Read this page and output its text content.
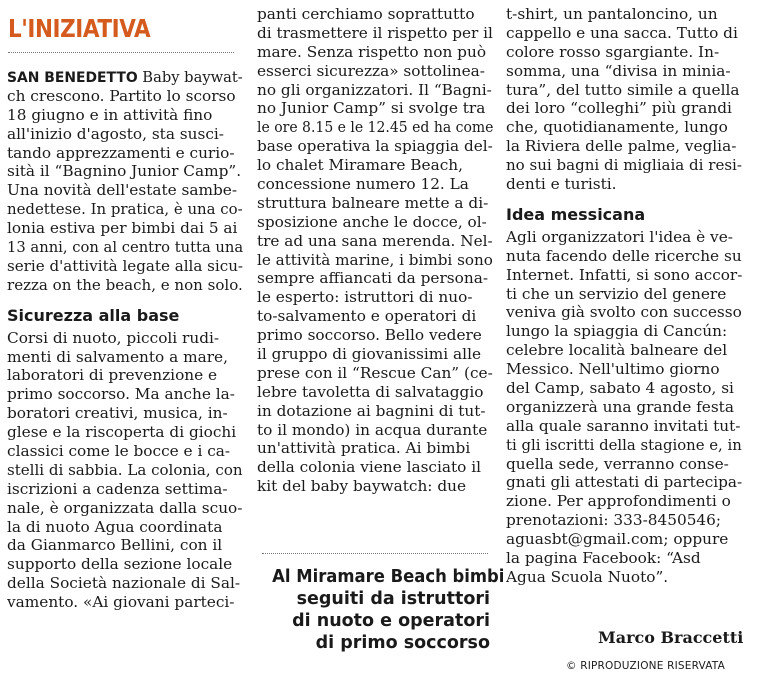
L'INIZIATIVA
SAN BENEDETTO Baby baywat-
ch crescono. Partito lo scorso
18 giugno e in attività fino
all'inizio d'agosto, sta susci-
tando apprezzamenti e curio-
sità il “Bagnino Junior Camp”.
Una novità dell'estate sambe-
nedettese. In pratica, è una co-
lonia estiva per bimbi dai 5 ai
13 anni, con al centro tutta una
serie d'attività legate alla sicu-
rezza on the beach, e non solo.
Sicurezza alla base
Corsi di nuoto, piccoli rudi-
menti di salvamento a mare,
laboratori di prevenzione e
primo soccorso. Ma anche la-
boratori creativi, musica, in-
glese e la riscoperta di giochi
classici come le bocce e i ca-
stelli di sabbia. La colonia, con
iscrizioni a cadenza settima-
nale, è organizzata dalla scuo-
la di nuoto Agua coordinata
da Gianmarco Bellini, con il
supporto della sezione locale
della Società nazionale di Sal-
vamento. «Ai giovani parteci-
panti cerchiamo soprattutto
di trasmettere il rispetto per il
mare. Senza rispetto non può
esserci sicurezza» sottolinea-
no gli organizzatori. Il “Bagni-
no Junior Camp” si svolge tra
le ore 8.15 e le 12.45 ed ha come
base operativa la spiaggia del-
lo chalet Miramare Beach,
concessione numero 12. La
struttura balneare mette a di-
sposizione anche le docce, ol-
tre ad una sana merenda. Nel-
le attività marine, i bimbi sono
sempre affiancati da persona-
le esperto: istruttori di nuo-
to-salvamento e operatori di
primo soccorso. Bello vedere
il gruppo di giovanissimi alle
prese con il “Rescue Can” (ce-
lebre tavoletta di salvataggio
in dotazione ai bagnini di tut-
to il mondo) in acqua durante
un'attività pratica. Ai bimbi
della colonia viene lasciato il
kit del baby baywatch: due
Al Miramare Beach bimbi
seguiti da istruttori
di nuoto e operatori
di primo soccorso
t-shirt, un pantaloncino, un
cappello e una sacca. Tutto di
colore rosso sgargiante. In-
somma, una “divisa in minia-
tura”, del tutto simile a quella
dei loro “colleghi” più grandi
che, quotidianamente, lungo
la Riviera delle palme, veglia-
no sui bagni di migliaia di resi-
denti e turisti.
Idea messicana
Agli organizzatori l'idea è ve-
nuta facendo delle ricerche su
Internet. Infatti, si sono accor-
ti che un servizio del genere
veniva già svolto con successo
lungo la spiaggia di Cancún:
celebre località balneare del
Messico. Nell'ultimo giorno
del Camp, sabato 4 agosto, si
organizzerà una grande festa
alla quale saranno invitati tut-
ti gli iscritti della stagione e, in
quella sede, verranno conse-
gnati gli attestati di partecipa-
zione. Per approfondimenti o
prenotazioni: 333-8450546;
aguasbt@gmail.com; oppure
la pagina Facebook: “Asd
Agua Scuola Nuoto”.
Marco Braccetti
© RIPRODUZIONE RISERVATA
